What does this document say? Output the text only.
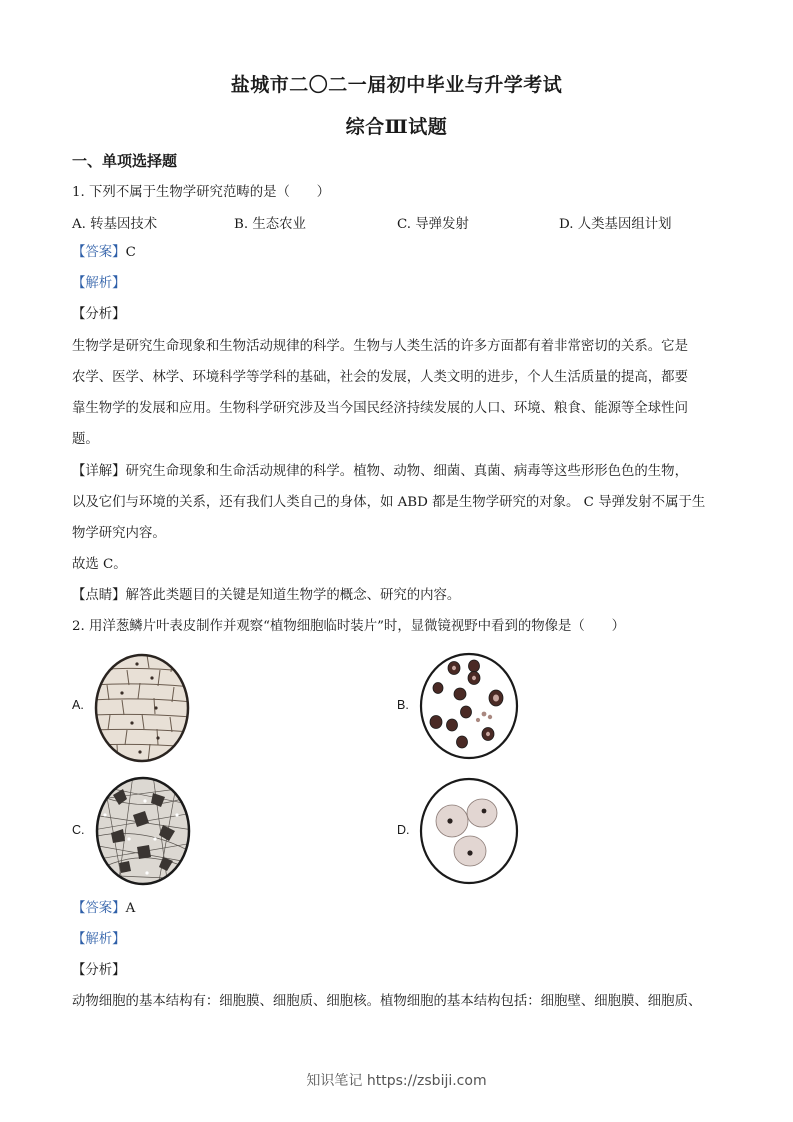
盐城市二〇二一届初中毕业与升学考试
综合Ⅲ试题
一、单项选择题
1. 下列不属于生物学研究范畴的是（　　）
A. 转基因技术	B. 生态农业	C. 导弹发射	D. 人类基因组计划
【答案】C
【解析】
【分析】
生物学是研究生命现象和生物活动规律的科学。生物与人类生活的许多方面都有着非常密切的关系。它是
农学、医学、林学、环境科学等学科的基础，社会的发展，人类文明的进步，个人生活质量的提高，都要
靠生物学的发展和应用。生物科学研究涉及当今国民经济持续发展的人口、环境、粮食、能源等全球性问
题。
【详解】研究生命现象和生命活动规律的科学。植物、动物、细菌、真菌、病毒等这些形形色色的生物，
以及它们与环境的关系，还有我们人类自己的身体，如 ABD 都是生物学研究的对象。 C 导弹发射不属于生
物学研究内容。
故选 C。
【点睛】解答此类题目的关键是知道生物学的概念、研究的内容。
2. 用洋葱鳞片叶表皮制作并观察“植物细胞临时装片”时，显微镜视野中看到的物像是（　　）
A.	B.
C.	D.
【答案】A
【解析】
【分析】
动物细胞的基本结构有：细胞膜、细胞质、细胞核。植物细胞的基本结构包括：细胞壁、细胞膜、细胞质、
知识笔记 https://zsbiji.com
